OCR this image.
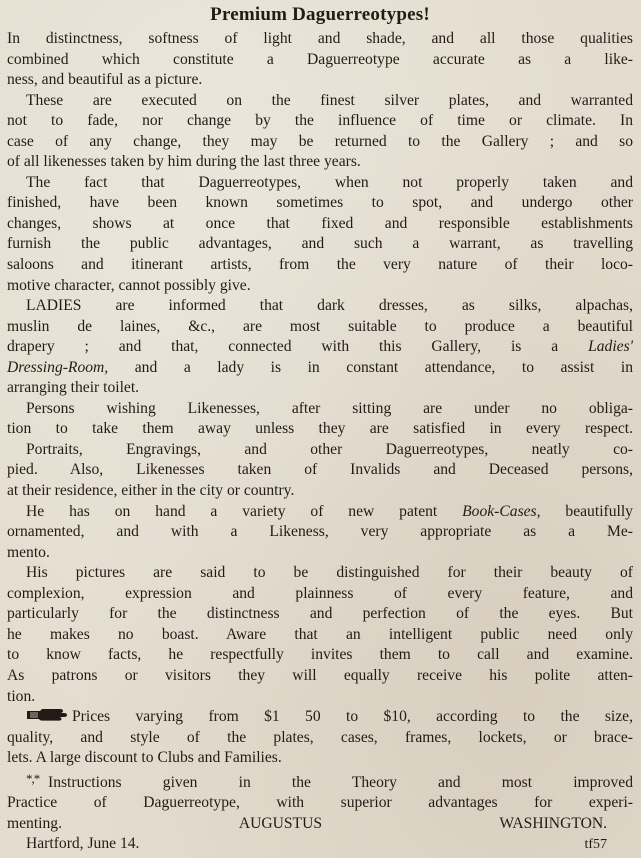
Premium Daguerreotypes!
In distinctness, softness of light and shade, and all those qualities
combined which constitute a Daguerreotype accurate as a like-
ness, and beautiful as a picture.
These are executed on the finest silver plates, and warranted
not to fade, nor change by the influence of time or climate. In
case of any change, they may be returned to the Gallery ; and so
of all likenesses taken by him during the last three years.
The fact that Daguerreotypes, when not properly taken and
finished, have been known sometimes to spot, and undergo other
changes, shows at once that fixed and responsible establishments
furnish the public advantages, and such a warrant, as travelling
saloons and itinerant artists, from the very nature of their loco-
motive character, cannot possibly give.
LADIES are informed that dark dresses, as silks, alpachas,
muslin de laines, &c., are most suitable to produce a beautiful
drapery ; and that, connected with this Gallery, is a Ladies'
Dressing-Room, and a lady is in constant attendance, to assist in
arranging their toilet.
Persons wishing Likenesses, after sitting are under no obliga-
tion to take them away unless they are satisfied in every respect.
Portraits, Engravings, and other Daguerreotypes, neatly co-
pied. Also, Likenesses taken of Invalids and Deceased persons,
at their residence, either in the city or country.
He has on hand a variety of new patent Book-Cases, beautifully
ornamented, and with a Likeness, very appropriate as a Me-
mento.
His pictures are said to be distinguished for their beauty of
complexion, expression and plainness of every feature, and
particularly for the distinctness and perfection of the eyes. But
he makes no boast. Aware that an intelligent public need only
to know facts, he respectfully invites them to call and examine.
As patrons or visitors they will equally receive his polite atten-
tion.
Prices varying from $1 50 to $10, according to the size,
quality, and style of the plates, cases, frames, lockets, or brace-
lets. A large discount to Clubs and Families.
*,* Instructions given in the Theory and most improved
Practice of Daguerreotype, with superior advantages for experi-
menting.	AUGUSTUS WASHINGTON.
Hartford, June 14.	tf57
